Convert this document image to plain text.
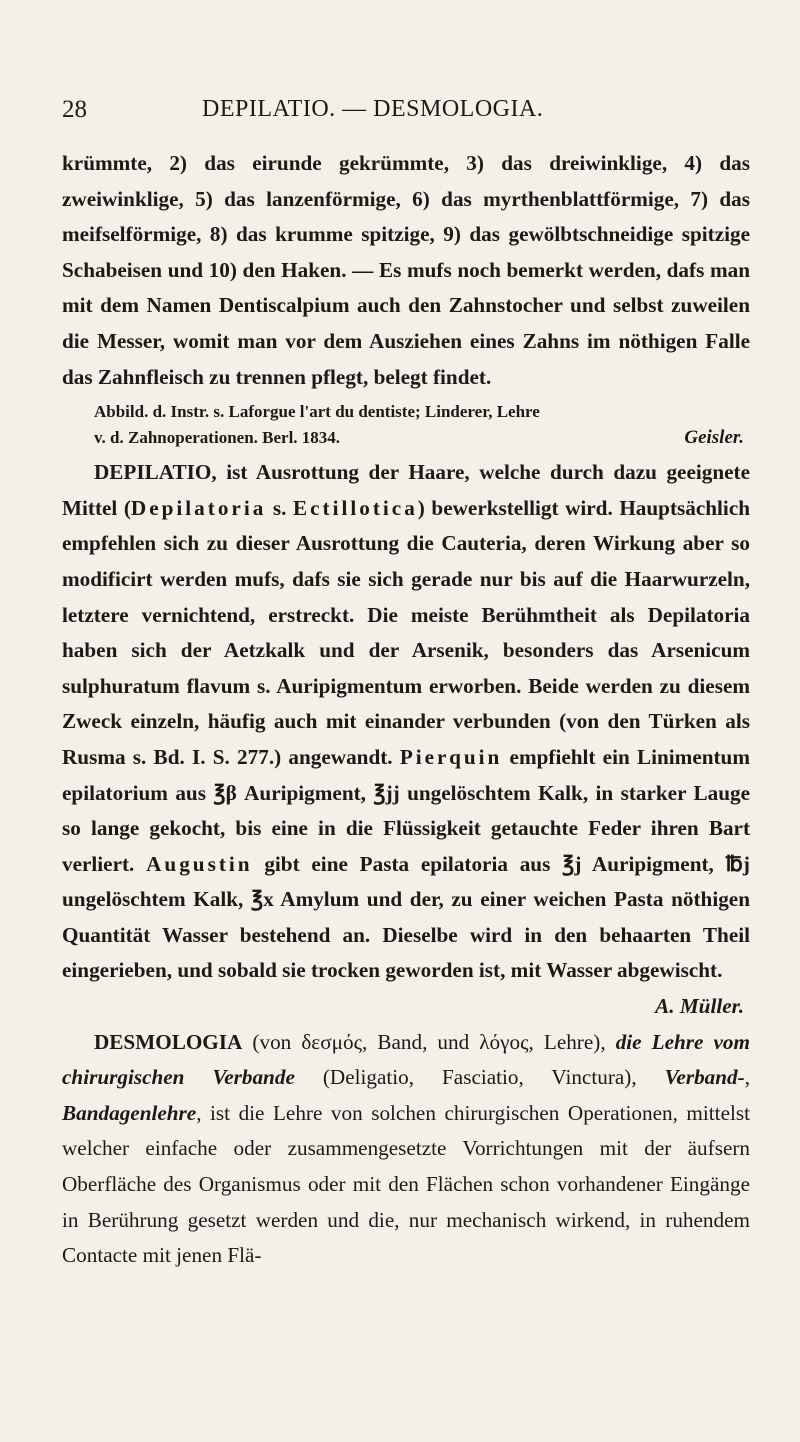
28	DEPILATIO. — DESMOLOGIA.

krümmte, 2) das eirunde gekrümmte, 3) das dreiwinklige, 4) das zweiwinklige, 5) das lanzenförmige, 6) das myrthenblattförmige, 7) das meifselförmige, 8) das krumme spitzige, 9) das gewölbtschneidige spitzige Schabeisen und 10) den Haken. — Es mufs noch bemerkt werden, dafs man mit dem Namen Dentiscalpium auch den Zahnstocher und selbst zuweilen die Messer, womit man vor dem Ausziehen eines Zahns im nöthigen Falle das Zahnfleisch zu trennen pflegt, belegt findet.

Abbild. d. Instr. s. Laforgue l'art du dentiste; Linderer, Lehre
v. d. Zahnoperationen. Berl. 1834.	Geisler.

DEPILATIO, ist Ausrottung der Haare, welche durch dazu geeignete Mittel (Depilatoria s. Ectillotica) bewerkstelligt wird. Hauptsächlich empfehlen sich zu dieser Ausrottung die Cauteria, deren Wirkung aber so modificirt werden mufs, dafs sie sich gerade nur bis auf die Haarwurzeln, letztere vernichtend, erstreckt. Die meiste Berühmtheit als Depilatoria haben sich der Aetzkalk und der Arsenik, besonders das Arsenicum sulphuratum flavum s. Auripigmentum erworben. Beide werden zu diesem Zweck einzeln, häufig auch mit einander verbunden (von den Türken als Rusma s. Bd. I. S. 277.) angewandt. Pierquin empfiehlt ein Linimentum epilatorium aus ℥β Auripigment, ℥jj ungelöschtem Kalk, in starker Lauge so lange gekocht, bis eine in die Flüssigkeit getauchte Feder ihren Bart verliert. Augustin gibt eine Pasta epilatoria aus ℥j Auripigment, ℔j ungelöschtem Kalk, ℥x Amylum und der, zu einer weichen Pasta nöthigen Quantität Wasser bestehend an. Dieselbe wird in den behaarten Theil eingerieben, und sobald sie trocken geworden ist, mit Wasser abgewischt.
A. Müller.

DESMOLOGIA (von δεσμός, Band, und λόγος, Lehre), die Lehre vom chirurgischen Verbande (Deligatio, Fasciatio, Vinctura), Verband-, Bandagenlehre, ist die Lehre von solchen chirurgischen Operationen, mittelst welcher einfache oder zusammengesetzte Vorrichtungen mit der äufsern Oberfläche des Organismus oder mit den Flächen schon vorhandener Eingänge in Berührung gesetzt werden und die, nur mechanisch wirkend, in ruhendem Contacte mit jenen Flä-
